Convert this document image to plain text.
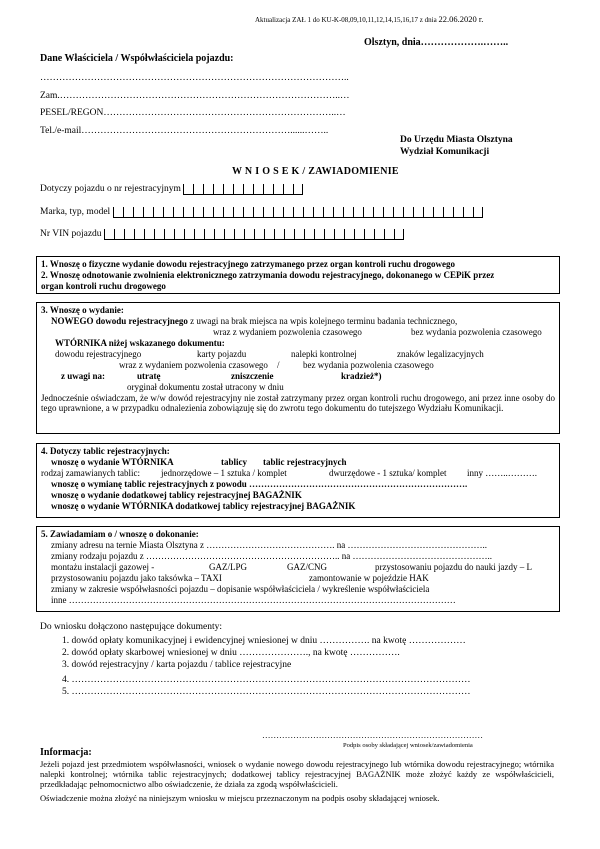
Aktualizacja ZAŁ 1 do KU-K-08,09,10,11,12,14,15,16,17 z dnia 22.06.2020 r.
Olsztyn, dnia……………….……..
Dane Właściciela / Współwłaściciela pojazdu:
……………………………………………………………………………………..
Zam.……………………………………………………………………………..…
PESEL/REGON………………………………………………………………..…
Tel./e-mail…………………………………………………………......……..
Do Urzędu Miasta Olsztyna
Wydział Komunikacji
W N I O S E K / ZAWIADOMIENIE
Dotyczy pojazdu o nr rejestracyjnym
Marka, typ, model
Nr VIN pojazdu
1. Wnoszę o fizyczne wydanie dowodu rejestracyjnego zatrzymanego przez organ kontroli ruchu drogowego
2. Wnoszę odnotowanie zwolnienia elektronicznego zatrzymania dowodu rejestracyjnego, dokonanego w CEPiK przez
organ kontroli ruchu drogowego
3. Wnoszę o wydanie:
NOWEGO dowodu rejestracyjnego z uwagi na brak miejsca na wpis kolejnego terminu badania technicznego,
wraz z wydaniem pozwolenia czasowego	bez wydania pozwolenia czasowego
WTÓRNIKA niżej wskazanego dokumentu:
dowodu rejestracyjnego	karty pojazdu	nalepki kontrolnej	znaków legalizacyjnych
wraz z wydaniem pozwolenia czasowego /	bez wydania pozwolenia czasowego
z uwagi na:	utratę	zniszczenie	kradzież*)
oryginał dokumentu został utracony w dniu
Jednocześnie oświadczam, że w/w dowód rejestracyjny nie został zatrzymany przez organ kontroli ruchu drogowego, ani przez inne osoby do tego uprawnione, a w przypadku odnalezienia zobowiązuję się do zwrotu tego dokumentu do tutejszego Wydziału Komunikacji.
4. Dotyczy tablic rejestracyjnych:
wnoszę o wydanie WTÓRNIKA	tablicy tablic rejestracyjnych
rodzaj zamawianych tablic: jednorzędowe – 1 sztuka / komplet	dwurzędowe - 1 sztuka/ komplet inny ……..……….
wnoszę o wymianę tablic rejestracyjnych z powodu ……………………………………………………………….
wnoszę o wydanie dodatkowej tablicy rejestracyjnej BAGAŻNIK
wnoszę o wydanie WTÓRNIKA dodatkowej tablicy rejestracyjnej BAGAŻNIK
5. Zawiadamiam o / wnoszę o dokonanie:
zmiany adresu na ternie Miasta Olsztyna z ……………………………………. na ………………………………………..
zmiany rodzaju pojazdu z ……………………………………………………….. na ………………………………………..
montażu instalacji gazowej -	GAZ/LPG	GAZ/CNG	przystosowaniu pojazdu do nauki jazdy – L
przystosowaniu pojazdu jako taksówka – TAXI	zamontowanie w pojeździe HAK
zmiany w zakresie współwłasności pojazdu – dopisanie współwłaściciela / wykreślenie współwłaściciela
inne …………………………………………………………………………………………………………………
Do wniosku dołączono następujące dokumenty:
1. dowód opłaty komunikacyjnej i ewidencyjnej wniesionej w dniu ……………. na kwotę ………………
2. dowód opłaty skarbowej wniesionej w dniu …………………., na kwotę …………….
3. dowód rejestracyjny / karta pojazdu / tablice rejestracyjne
4. ………………………………………………………………………………………………………………
5. ………………………………………………………………………………………………………………
……………………………………………………………………
Podpis osoby składającej wniosek/zawiadomienia
Informacja:
Jeżeli pojazd jest przedmiotem współwłasności, wniosek o wydanie nowego dowodu rejestracyjnego lub wtórnika dowodu rejestracyjnego; wtórnika nalepki kontrolnej; wtórnika tablic rejestracyjnych; dodatkowej tablicy rejestracyjnej BAGAŻNIK może złożyć każdy ze współwłaścicieli, przedkładając pełnomocnictwo albo oświadczenie, że działa za zgodą współwłaścicieli.
Oświadczenie można złożyć na niniejszym wniosku w miejscu przeznaczonym na podpis osoby składającej wniosek.
